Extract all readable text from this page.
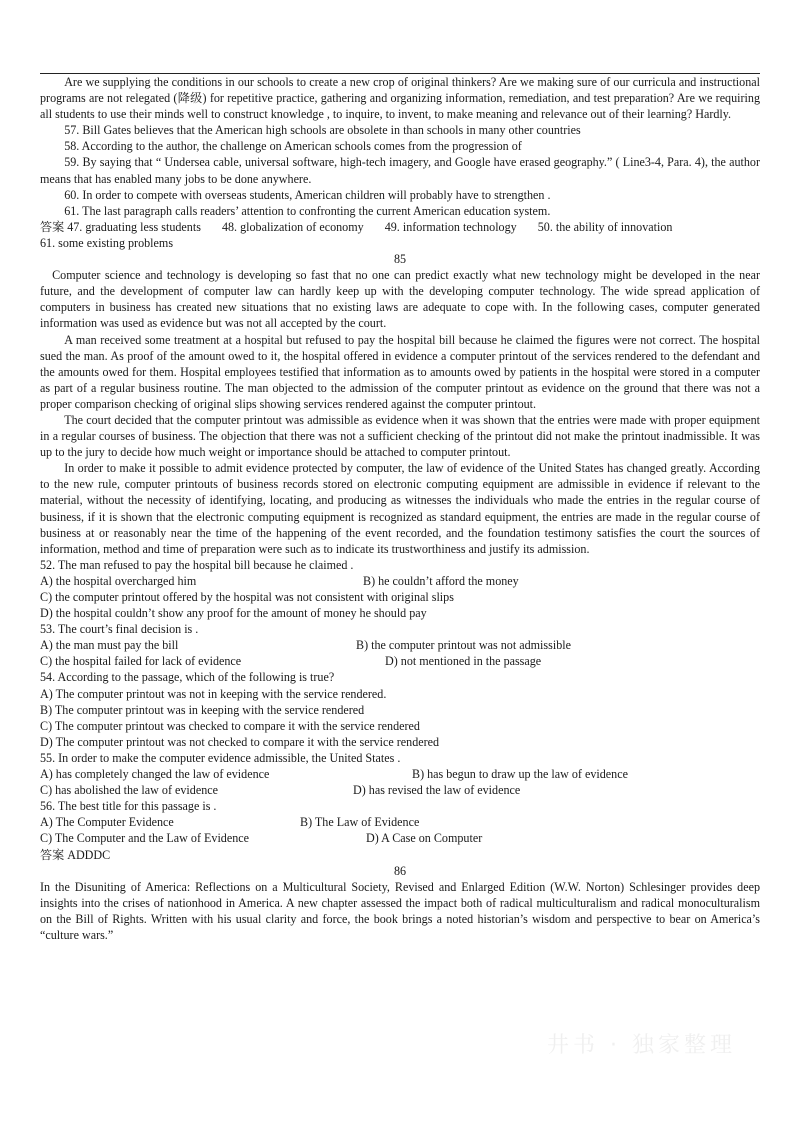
Are we supplying the conditions in our schools to create a new crop of original thinkers? Are we making sure of our curricula and instructional programs are not relegated (降级) for repetitive practice, gathering and organizing information, remediation, and test preparation? Are we requiring all students to use their minds well to construct knowledge , to inquire, to invent, to make meaning and relevance out of their learning? Hardly.

57. Bill Gates believes that the American high schools are obsolete in than schools in many other countries

58. According to the author, the challenge on American schools comes from the progression of

59. By saying that “ Undersea cable, universal software, high-tech imagery, and Google have erased geography.” ( Line3-4, Para. 4), the author means that has enabled many jobs to be done anywhere.

60. In order to compete with overseas students, American children will probably have to strengthen .

61. The last paragraph calls readers’ attention to confronting the current American education system.

答案 47. graduating less students 48. globalization of economy 49. information technology 50. the ability of innovation

61. some existing problems

85

Computer science and technology is developing so fast that no one can predict exactly what new technology might be developed in the near future, and the development of computer law can hardly keep up with the developing computer technology. The wide spread application of computers in business has created new situations that no existing laws are adequate to cope with. In the following cases, computer generated information was used as evidence but was not all accepted by the court.

A man received some treatment at a hospital but refused to pay the hospital bill because he claimed the figures were not correct. The hospital sued the man. As proof of the amount owed to it, the hospital offered in evidence a computer printout of the services rendered to the defendant and the amounts owed for them. Hospital employees testified that information as to amounts owed by patients in the hospital were stored in a computer as part of a regular business routine. The man objected to the admission of the computer printout as evidence on the ground that there was not a proper comparison checking of original slips showing services rendered against the computer printout.

The court decided that the computer printout was admissible as evidence when it was shown that the entries were made with proper equipment in a regular courses of business. The objection that there was not a sufficient checking of the printout did not make the printout inadmissible. It was up to the jury to decide how much weight or importance should be attached to computer printout.

In order to make it possible to admit evidence protected by computer, the law of evidence of the United States has changed greatly. According to the new rule, computer printouts of business records stored on electronic computing equipment are admissible in evidence if relevant to the material, without the necessity of identifying, locating, and producing as witnesses the individuals who made the entries in the regular course of business, if it is shown that the electronic computing equipment is recognized as standard equipment, the entries are made in the regular course of business at or reasonably near the time of the happening of the event recorded, and the foundation testimony satisfies the court the sources of information, method and time of preparation were such as to indicate its trustworthiness and justify its admission.

52. The man refused to pay the hospital bill because he claimed .

A) the hospital overcharged him	B) he couldn’t afford the money

C) the computer printout offered by the hospital was not consistent with original slips

D) the hospital couldn’t show any proof for the amount of money he should pay

53. The court’s final decision is .

A) the man must pay the bill	B) the computer printout was not admissible
C) the hospital failed for lack of evidence	D) not mentioned in the passage

54. According to the passage, which of the following is true?

A) The computer printout was not in keeping with the service rendered.

B) The computer printout was in keeping with the service rendered

C) The computer printout was checked to compare it with the service rendered

D) The computer printout was not checked to compare it with the service rendered

55. In order to make the computer evidence admissible, the United States .

A) has completely changed the law of evidence	B) has begun to draw up the law of evidence
C) has abolished the law of evidence	D) has revised the law of evidence

56. The best title for this passage is .

A) The Computer Evidence	B) The Law of Evidence
C) The Computer and the Law of Evidence	D) A Case on Computer

答案 ADDDC

86

In the Disuniting of America: Reflections on a Multicultural Society, Revised and Enlarged Edition (W.W. Norton) Schlesinger provides deep insights into the crises of nationhood in America. A new chapter assessed the impact both of radical multiculturalism and radical monoculturalism on the Bill of Rights. Written with his usual clarity and force, the book brings a noted historian’s wisdom and perspective to bear on America’s “culture wars.”

井书 · 独家整理
